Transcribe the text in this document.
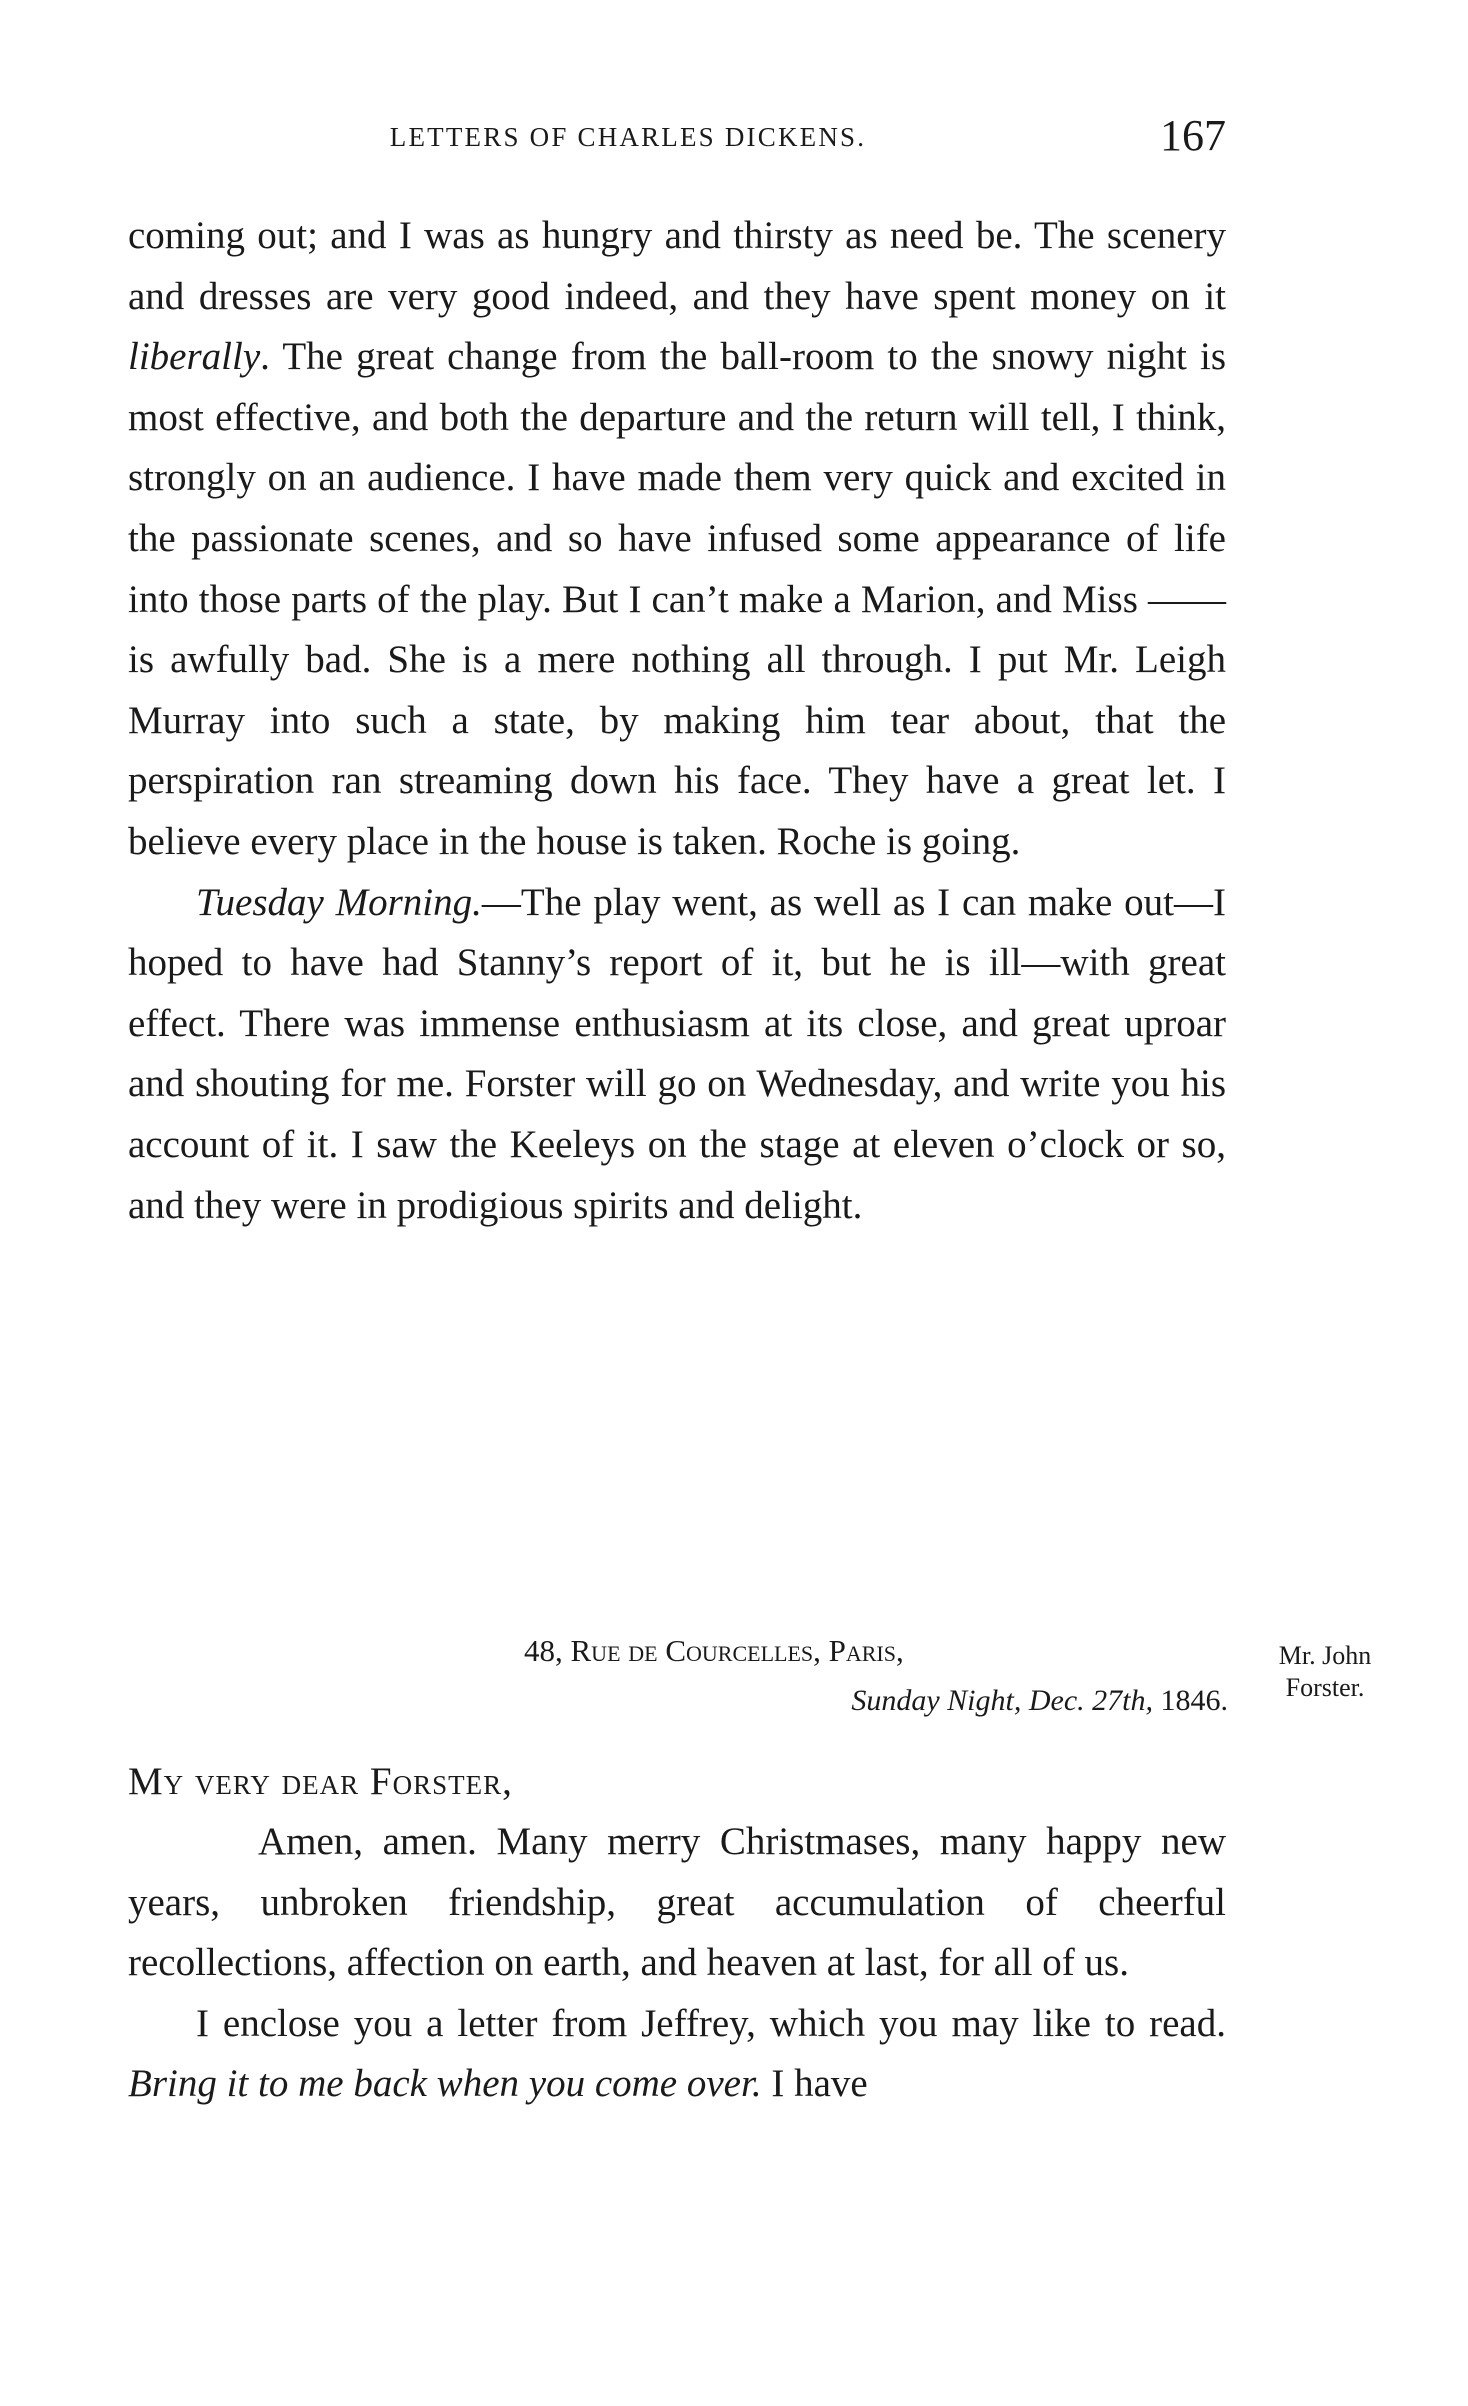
LETTERS OF CHARLES DICKENS.	167

coming out; and I was as hungry and thirsty as need be. The scenery and dresses are very good indeed, and they have spent money on it liberally. The great change from the ball-room to the snowy night is most effective, and both the departure and the return will tell, I think, strongly on an audience. I have made them very quick and excited in the passionate scenes, and so have infused some appearance of life into those parts of the play. But I can’t make a Marion, and Miss —— is awfully bad. She is a mere nothing all through. I put Mr. Leigh Murray into such a state, by making him tear about, that the perspiration ran streaming down his face. They have a great let. I believe every place in the house is taken. Roche is going.

Tuesday Morning.—The play went, as well as I can make out—I hoped to have had Stanny’s report of it, but he is ill—with great effect. There was immense enthusiasm at its close, and great uproar and shouting for me. Forster will go on Wednesday, and write you his account of it. I saw the Keeleys on the stage at eleven o’clock or so, and they were in prodigious spirits and delight.

48, Rue de Courcelles, Paris,
Sunday Night, Dec. 27th, 1846.
Mr. John Forster.
My very dear Forster,

Amen, amen. Many merry Christmases, many happy new years, unbroken friendship, great accumulation of cheerful recollections, affection on earth, and heaven at last, for all of us.

I enclose you a letter from Jeffrey, which you may like to read. Bring it to me back when you come over. I have
